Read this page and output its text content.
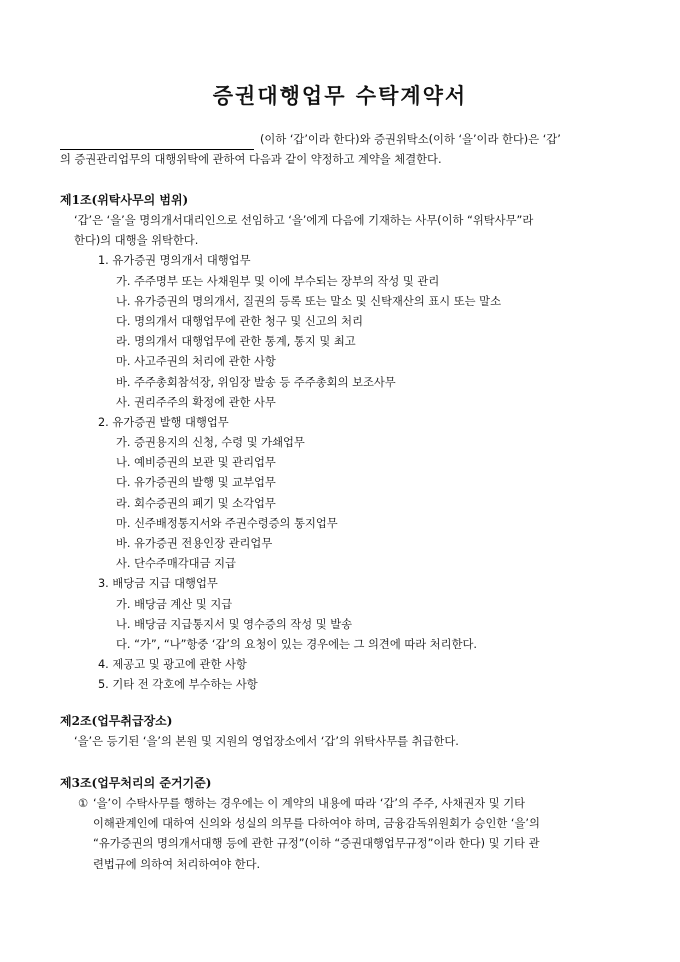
증권대행업무 수탁계약서
(이하 ‘갑’이라 한다)와 증권위탁소(이하 ‘을’이라 한다)은 ‘갑’
의 증권관리업무의 대행위탁에 관하여 다음과 같이 약정하고 계약을 체결한다.
제1조(위탁사무의 범위)
‘갑’은 ‘을’을 명의개서대리인으로 선임하고 ‘을’에게 다음에 기재하는 사무(이하 “위탁사무”라
한다)의 대행을 위탁한다.
1. 유가증권 명의개서 대행업무
가. 주주명부 또는 사채원부 및 이에 부수되는 장부의 작성 및 관리
나. 유가증권의 명의개서, 질권의 등록 또는 말소 및 신탁재산의 표시 또는 말소
다. 명의개서 대행업무에 관한 청구 및 신고의 처리
라. 명의개서 대행업무에 관한 통계, 통지 및 최고
마. 사고주권의 처리에 관한 사항
바. 주주총회참석장, 위임장 발송 등 주주총회의 보조사무
사. 권리주주의 확정에 관한 사무
2. 유가증권 발행 대행업무
가. 증권용지의 신청, 수령 및 가쇄업무
나. 예비증권의 보관 및 관리업무
다. 유가증권의 발행 및 교부업무
라. 회수증권의 폐기 및 소각업무
마. 신주배정통지서와 주권수령증의 통지업무
바. 유가증권 전용인장 관리업무
사. 단수주매각대금 지급
3. 배당금 지급 대행업무
가. 배당금 계산 및 지급
나. 배당금 지급통지서 및 영수증의 작성 및 발송
다. “가”, “나”항중 ‘갑’의 요청이 있는 경우에는 그 의견에 따라 처리한다.
4. 제공고 및 광고에 관한 사항
5. 기타 전 각호에 부수하는 사항
제2조(업무취급장소)
‘을’은 등기된 ‘을’의 본원 및 지원의 영업장소에서 ‘갑’의 위탁사무를 취급한다.
제3조(업무처리의 준거기준)
① ‘을’이 수탁사무를 행하는 경우에는 이 계약의 내용에 따라 ‘갑’의 주주, 사채권자 및 기타
이해관계인에 대하여 신의와 성실의 의무를 다하여야 하며, 금융감독위원회가 승인한 ‘을’의
“유가증권의 명의개서대행 등에 관한 규정”(이하 “증권대행업무규정”이라 한다) 및 기타 관
련법규에 의하여 처리하여야 한다.
